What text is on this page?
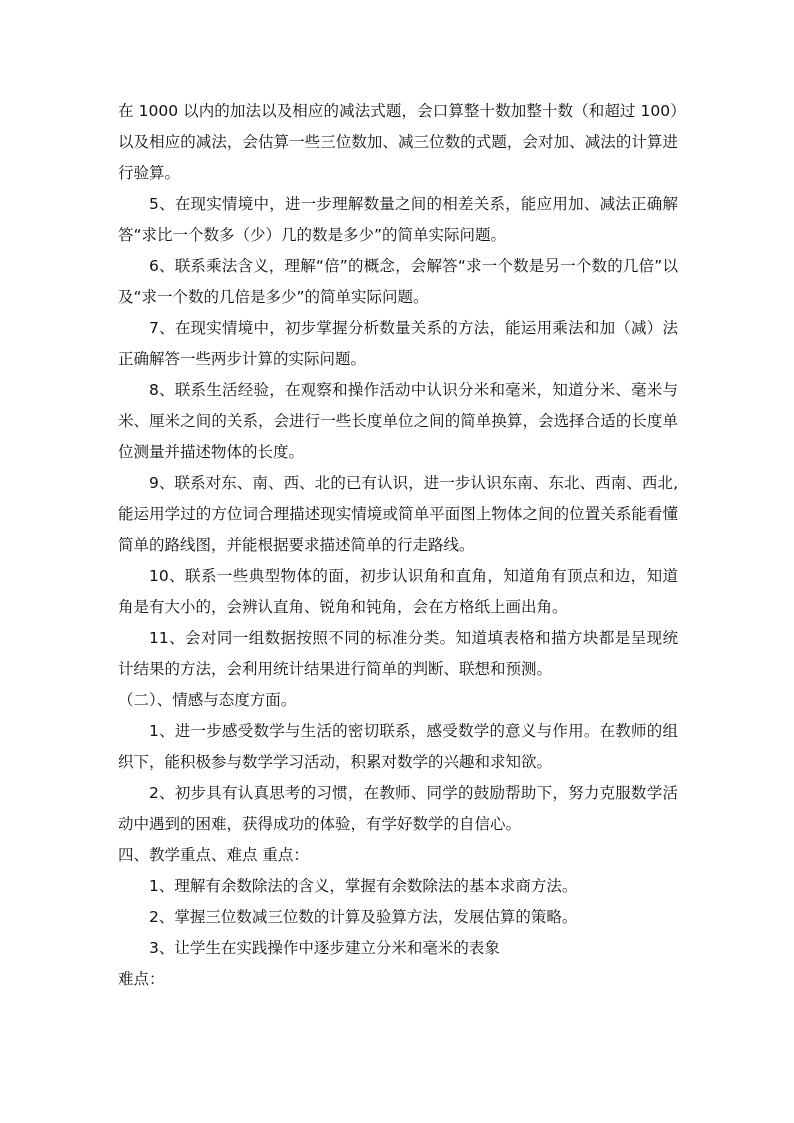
在 1000 以内的加法以及相应的减法式题，会口算整十数加整十数（和超过 100）以及相应的减法，会估算一些三位数加、减三位数的式题，会对加、减法的计算进行验算。

5、在现实情境中，进一步理解数量之间的相差关系，能应用加、减法正确解答“求比一个数多（少）几的数是多少”的简单实际问题。

6、联系乘法含义，理解“倍”的概念，会解答“求一个数是另一个数的几倍”以及“求一个数的几倍是多少”的简单实际问题。

7、在现实情境中，初步掌握分析数量关系的方法，能运用乘法和加（减）法正确解答一些两步计算的实际问题。

8、联系生活经验，在观察和操作活动中认识分米和毫米，知道分米、毫米与米、厘米之间的关系，会进行一些长度单位之间的简单换算，会选择合适的长度单位测量并描述物体的长度。

9、联系对东、南、西、北的已有认识，进一步认识东南、东北、西南、西北,能运用学过的方位词合理描述现实情境或简单平面图上物体之间的位置关系能看懂简单的路线图，并能根据要求描述简单的行走路线。

10、联系一些典型物体的面，初步认识角和直角，知道角有顶点和边，知道角是有大小的，会辨认直角、锐角和钝角，会在方格纸上画出角。

11、会对同一组数据按照不同的标准分类。知道填表格和描方块都是呈现统计结果的方法，会利用统计结果进行简单的判断、联想和预测。

（二）、情感与态度方面。

1、进一步感受数学与生活的密切联系，感受数学的意义与作用。在教师的组织下，能积极参与数学学习活动，积累对数学的兴趣和求知欲。

2、初步具有认真思考的习惯，在教师、同学的鼓励帮助下，努力克服数学活动中遇到的困难，获得成功的体验，有学好数学的自信心。

四、教学重点、难点 重点：

1、理解有余数除法的含义，掌握有余数除法的基本求商方法。

2、掌握三位数减三位数的计算及验算方法，发展估算的策略。

3、让学生在实践操作中逐步建立分米和毫米的表象

难点：
